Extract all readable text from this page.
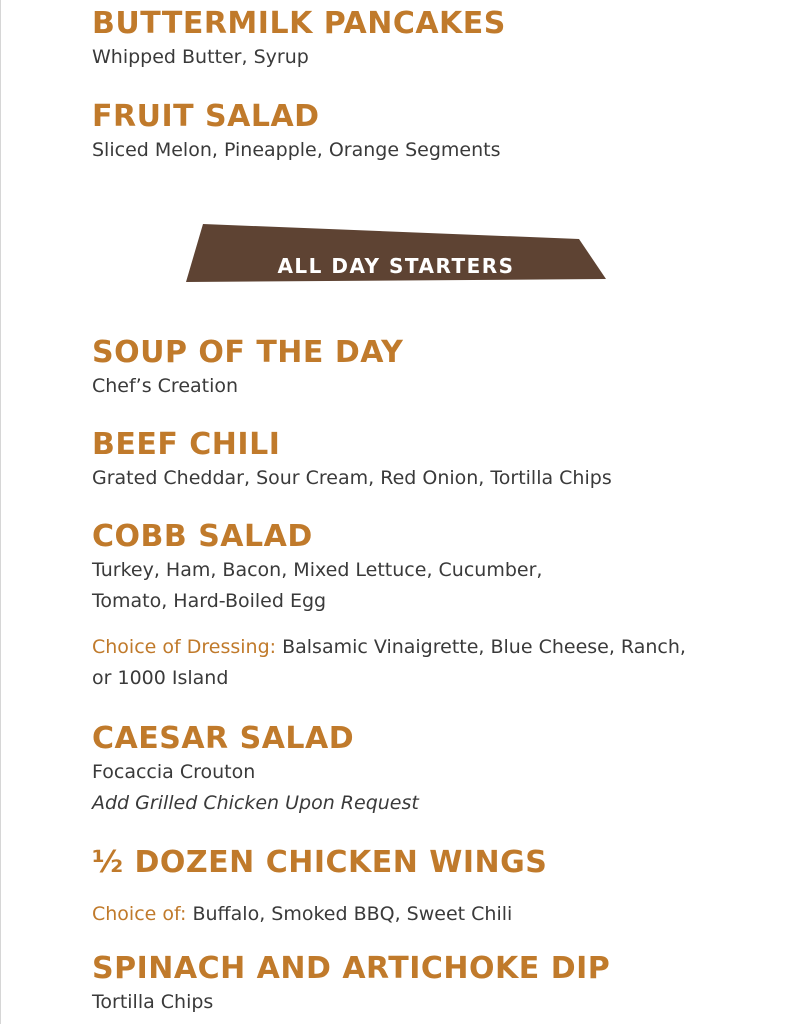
BUTTERMILK PANCAKES

Whipped Butter, Syrup

FRUIT SALAD

Sliced Melon, Pineapple, Orange Segments

SOUP OF THE DAY

Chef’s Creation

BEEF CHILI

Grated Cheddar, Sour Cream, Red Onion, Tortilla Chips

COBB SALAD

Turkey, Ham, Bacon, Mixed Lettuce, Cucumber,

Tomato, Hard-Boiled Egg

Choice of Dressing: Balsamic Vinaigrette, Blue Cheese, Ranch,

or 1000 Island

CAESAR SALAD

Focaccia Crouton

Add Grilled Chicken Upon Request

½ DOZEN CHICKEN WINGS

Choice of: Buffalo, Smoked BBQ, Sweet Chili

SPINACH AND ARTICHOKE DIP

Tortilla Chips

ALL DAY STARTERS
